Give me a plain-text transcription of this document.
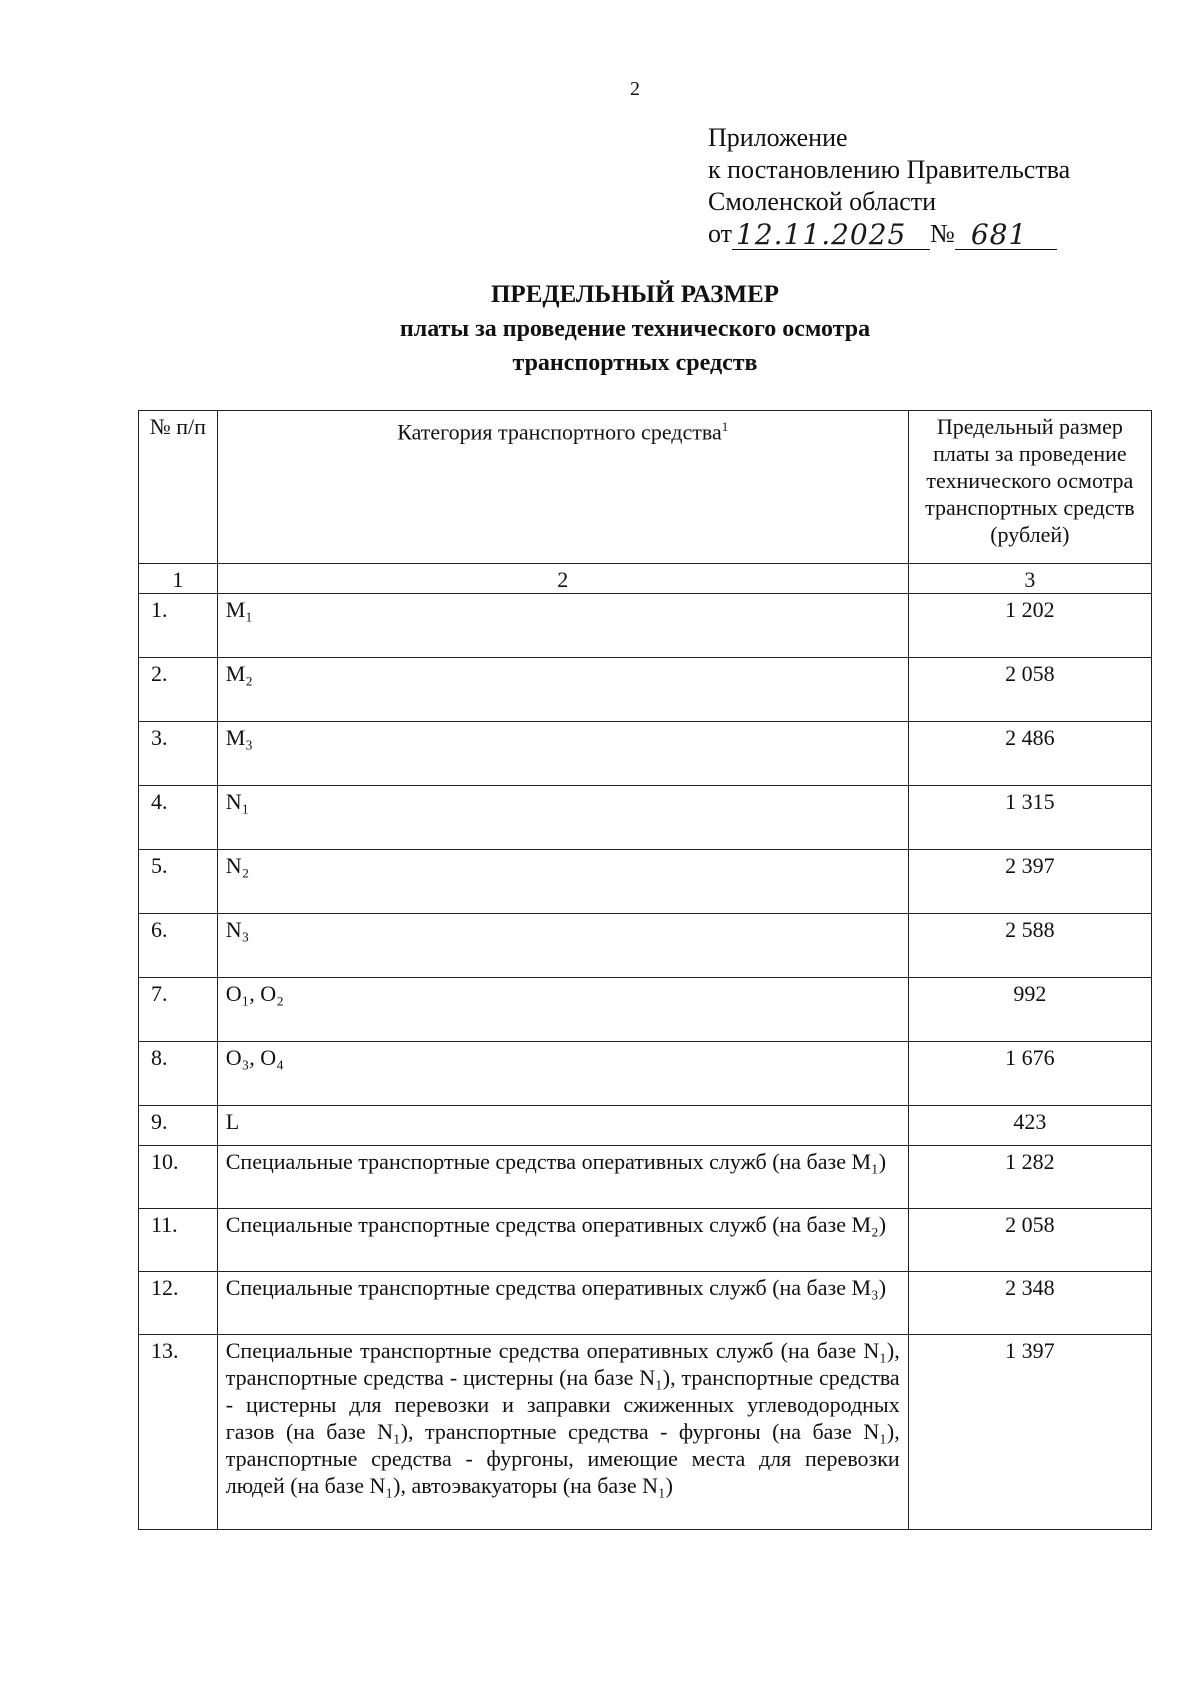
2
Приложение
к постановлению Правительства
Смоленской области
от 12.11.2025 № 681
ПРЕДЕЛЬНЫЙ РАЗМЕР
платы за проведение технического осмотра
транспортных средств
№ п/п	Категория транспортного средства$^1$	Предельный размер платы за проведение технического осмотра транспортных средств (рублей)
1	2	3
1.	M₁	1 202
2.	M₂	2 058
3.	M₃	2 486
4.	N₁	1 315
5.	N₂	2 397
6.	N₃	2 588
7.	O₁, O₂	992
8.	O₃, O₄	1 676
9.	L	423
10.	Специальные транспортные средства оперативных служб (на базе M₁)	1 282
11.	Специальные транспортные средства оперативных служб (на базе M₂)	2 058
12.	Специальные транспортные средства оперативных служб (на базе M₃)	2 348
13.	Специальные транспортные средства оперативных служб (на базе N₁), транспортные средства - цистерны (на базе N₁), транспортные средства - цистерны для перевозки и заправки сжиженных углеводородных газов (на базе N₁), транспортные средства - фургоны (на базе N₁), транспортные средства - фургоны, имеющие места для перевозки людей (на базе N₁), автоэвакуаторы (на базе N₁)	1 397
